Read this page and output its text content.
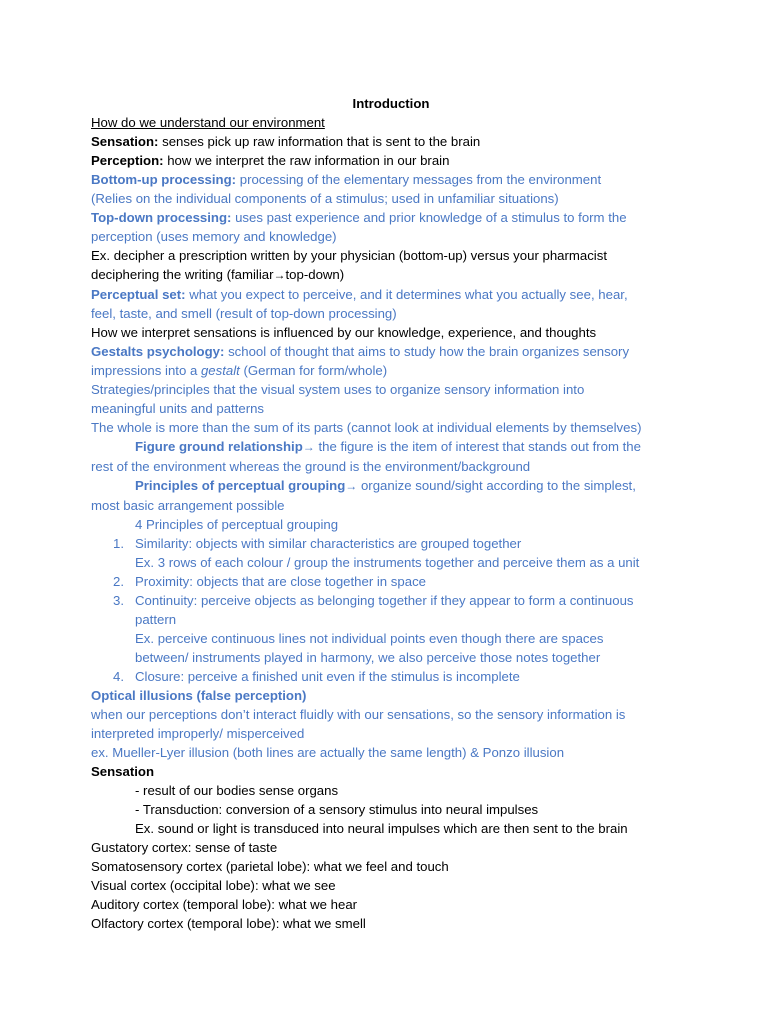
Introduction
How do we understand our environment
Sensation: senses pick up raw information that is sent to the brain
Perception: how we interpret the raw information in our brain
Bottom-up processing: processing of the elementary messages from the environment
(Relies on the individual components of a stimulus; used in unfamiliar situations)
Top-down processing: uses past experience and prior knowledge of a stimulus to form the
perception (uses memory and knowledge)
Ex. decipher a prescription written by your physician (bottom-up) versus your pharmacist
deciphering the writing (familiar→top-down)
Perceptual set: what you expect to perceive, and it determines what you actually see, hear,
feel, taste, and smell (result of top-down processing)
How we interpret sensations is influenced by our knowledge, experience, and thoughts
Gestalts psychology: school of thought that aims to study how the brain organizes sensory
impressions into a gestalt (German for form/whole)
Strategies/principles that the visual system uses to organize sensory information into
meaningful units and patterns
The whole is more than the sum of its parts (cannot look at individual elements by themselves)
Figure ground relationship→ the figure is the item of interest that stands out from the
rest of the environment whereas the ground is the environment/background
Principles of perceptual grouping→ organize sound/sight according to the simplest,
most basic arrangement possible
4 Principles of perceptual grouping
1. Similarity: objects with similar characteristics are grouped together
Ex. 3 rows of each colour / group the instruments together and perceive them as a unit
2. Proximity: objects that are close together in space
3. Continuity: perceive objects as belonging together if they appear to form a continuous
pattern
Ex. perceive continuous lines not individual points even though there are spaces
between/ instruments played in harmony, we also perceive those notes together
4. Closure: perceive a finished unit even if the stimulus is incomplete
Optical illusions (false perception)
when our perceptions don’t interact fluidly with our sensations, so the sensory information is
interpreted improperly/ misperceived
ex. Mueller-Lyer illusion (both lines are actually the same length) & Ponzo illusion
Sensation
- result of our bodies sense organs
- Transduction: conversion of a sensory stimulus into neural impulses
Ex. sound or light is transduced into neural impulses which are then sent to the brain
Gustatory cortex: sense of taste
Somatosensory cortex (parietal lobe): what we feel and touch
Visual cortex (occipital lobe): what we see
Auditory cortex (temporal lobe): what we hear
Olfactory cortex (temporal lobe): what we smell
